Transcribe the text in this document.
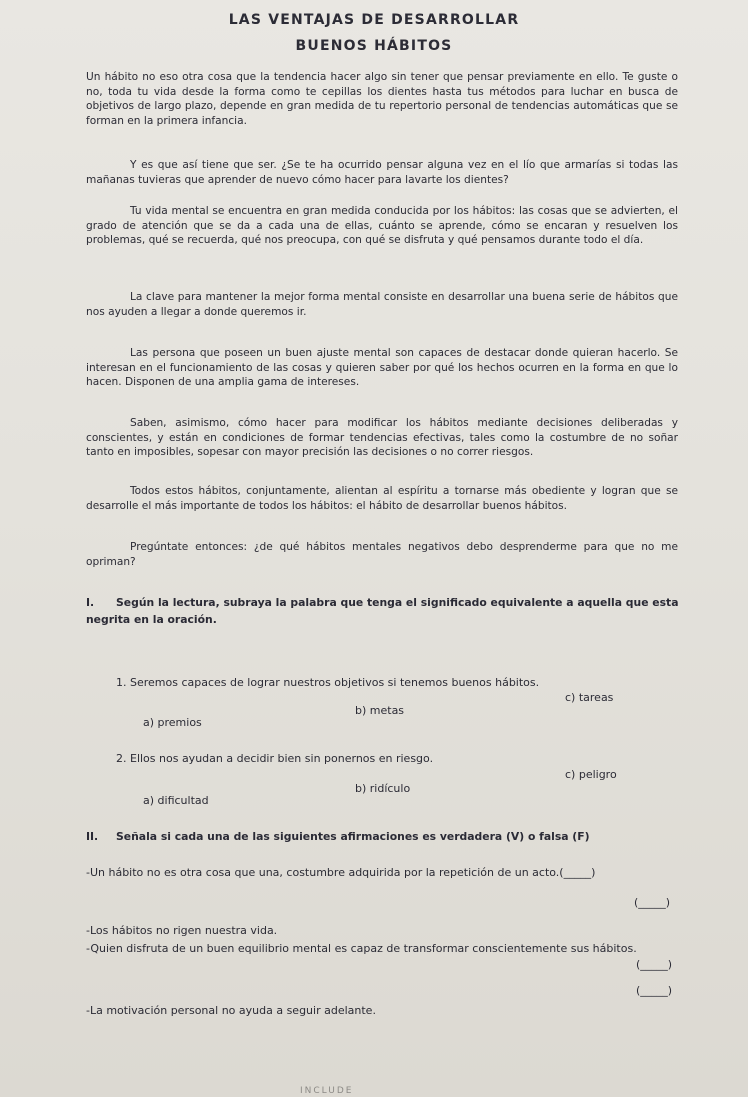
LAS VENTAJAS DE DESARROLLAR
BUENOS HÁBITOS
Un hábito no eso otra cosa que la tendencia hacer algo sin tener que pensar previamente en ello. Te guste o no, toda tu vida desde la forma como te cepillas los dientes hasta tus métodos para luchar en busca de objetivos de largo plazo, depende en gran medida de tu repertorio personal de tendencias automáticas que se forman en la primera infancia.
Y es que así tiene que ser. ¿Se te ha ocurrido pensar alguna vez en el lío que armarías si todas las mañanas tuvieras que aprender de nuevo cómo hacer para lavarte los dientes?
Tu vida mental se encuentra en gran medida conducida por los hábitos: las cosas que se advierten, el grado de atención que se da a cada una de ellas, cuánto se aprende, cómo se encaran y resuelven los problemas, qué se recuerda, qué nos preocupa, con qué se disfruta y qué pensamos durante todo el día.
La clave para mantener la mejor forma mental consiste en desarrollar una buena serie de hábitos que nos ayuden a llegar a donde queremos ir.
Las persona que poseen un buen ajuste mental son capaces de destacar donde quieran hacerlo. Se interesan en el funcionamiento de las cosas y quieren saber por qué los hechos ocurren en la forma en que lo hacen. Disponen de una amplia gama de intereses.
Saben, asimismo, cómo hacer para modificar los hábitos mediante decisiones deliberadas y conscientes, y están en condiciones de formar tendencias efectivas, tales como la costumbre de no soñar tanto en imposibles, sopesar con mayor precisión las decisiones o no correr riesgos.
Todos estos hábitos, conjuntamente, alientan al espíritu a tornarse más obediente y logran que se desarrolle el más importante de todos los hábitos: el hábito de desarrollar buenos hábitos.
Pregúntate entonces: ¿de qué hábitos mentales negativos debo desprenderme para que no me opriman?
I. Según la lectura, subraya la palabra que tenga el significado equivalente a aquella que esta negrita en la oración.
1. Seremos capaces de lograr nuestros objetivos si tenemos buenos hábitos.
a) premios
b) metas
c) tareas
2. Ellos nos ayudan a decidir bien sin ponernos en riesgo.
a) dificultad
b) ridículo
c) peligro
II. Señala si cada una de las siguientes afirmaciones es verdadera (V) o falsa (F)
-Un hábito no es otra cosa que una, costumbre adquirida por la repetición de un acto.(_____)
(_____)
-Los hábitos no rigen nuestra vida.
-Quien disfruta de un buen equilibrio mental es capaz de transformar conscientemente sus hábitos.
(_____)
(_____)
-La motivación personal no ayuda a seguir adelante.
INCLUDE
